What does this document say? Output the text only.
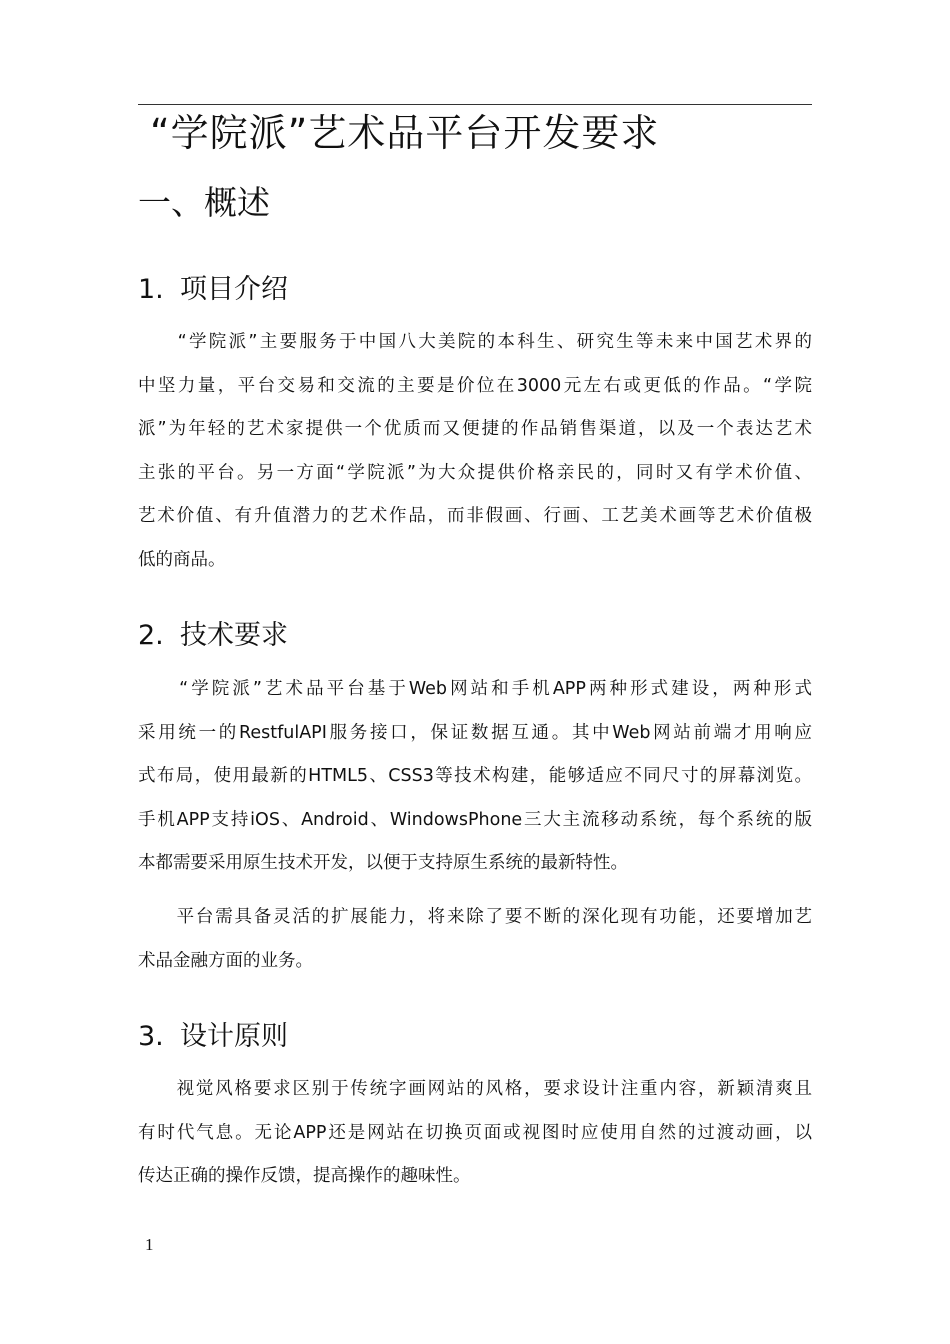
“学院派”艺术品平台开发要求
一、概述
1. 项目介绍
　　“学院派”主要服务于中国八大美院的本科生、研究生等未来中国艺术界的
中坚力量，平台交易和交流的主要是价位在3000元左右或更低的作品。“学院
派”为年轻的艺术家提供一个优质而又便捷的作品销售渠道，以及一个表达艺术
主张的平台。另一方面“学院派”为大众提供价格亲民的，同时又有学术价值、
艺术价值、有升值潜力的艺术作品，而非假画、行画、工艺美术画等艺术价值极
低的商品。
2. 技术要求
　　“学院派”艺术品平台基于Web网站和手机APP两种形式建设，两种形式
采用统一的RestfulAPI服务接口，保证数据互通。其中Web网站前端才用响应
式布局，使用最新的HTML5、CSS3等技术构建，能够适应不同尺寸的屏幕浏览。
手机APP支持iOS、Android、WindowsPhone三大主流移动系统，每个系统的版
本都需要采用原生技术开发，以便于支持原生系统的最新特性。
　　平台需具备灵活的扩展能力，将来除了要不断的深化现有功能，还要增加艺
术品金融方面的业务。
3. 设计原则
　　视觉风格要求区别于传统字画网站的风格，要求设计注重内容，新颖清爽且
有时代气息。无论APP还是网站在切换页面或视图时应使用自然的过渡动画，以
传达正确的操作反馈，提高操作的趣味性。
1
